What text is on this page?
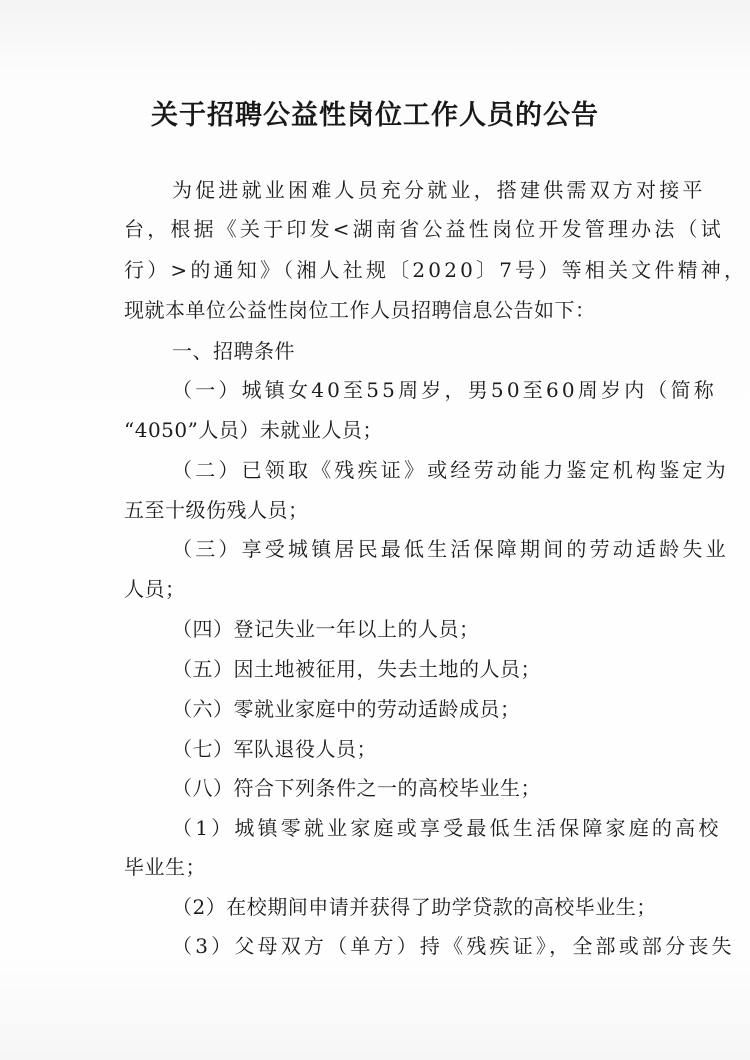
关于招聘公益性岗位工作人员的公告
为促进就业困难人员充分就业，搭建供需双方对接平
台，根据《关于印发<湖南省公益性岗位开发管理办法（试
行）>的通知》（湘人社规〔2020〕7号）等相关文件精神，
现就本单位公益性岗位工作人员招聘信息公告如下：
一、招聘条件
（一）城镇女40至55周岁，男50至60周岁内（简称
“4050”人员）未就业人员；
（二）已领取《残疾证》或经劳动能力鉴定机构鉴定为
五至十级伤残人员；
（三）享受城镇居民最低生活保障期间的劳动适龄失业
人员；
（四）登记失业一年以上的人员；
（五）因土地被征用，失去土地的人员；
（六）零就业家庭中的劳动适龄成员；
（七）军队退役人员；
（八）符合下列条件之一的高校毕业生；
（1）城镇零就业家庭或享受最低生活保障家庭的高校
毕业生；
（2）在校期间申请并获得了助学贷款的高校毕业生；
（3）父母双方（单方）持《残疾证》，全部或部分丧失
